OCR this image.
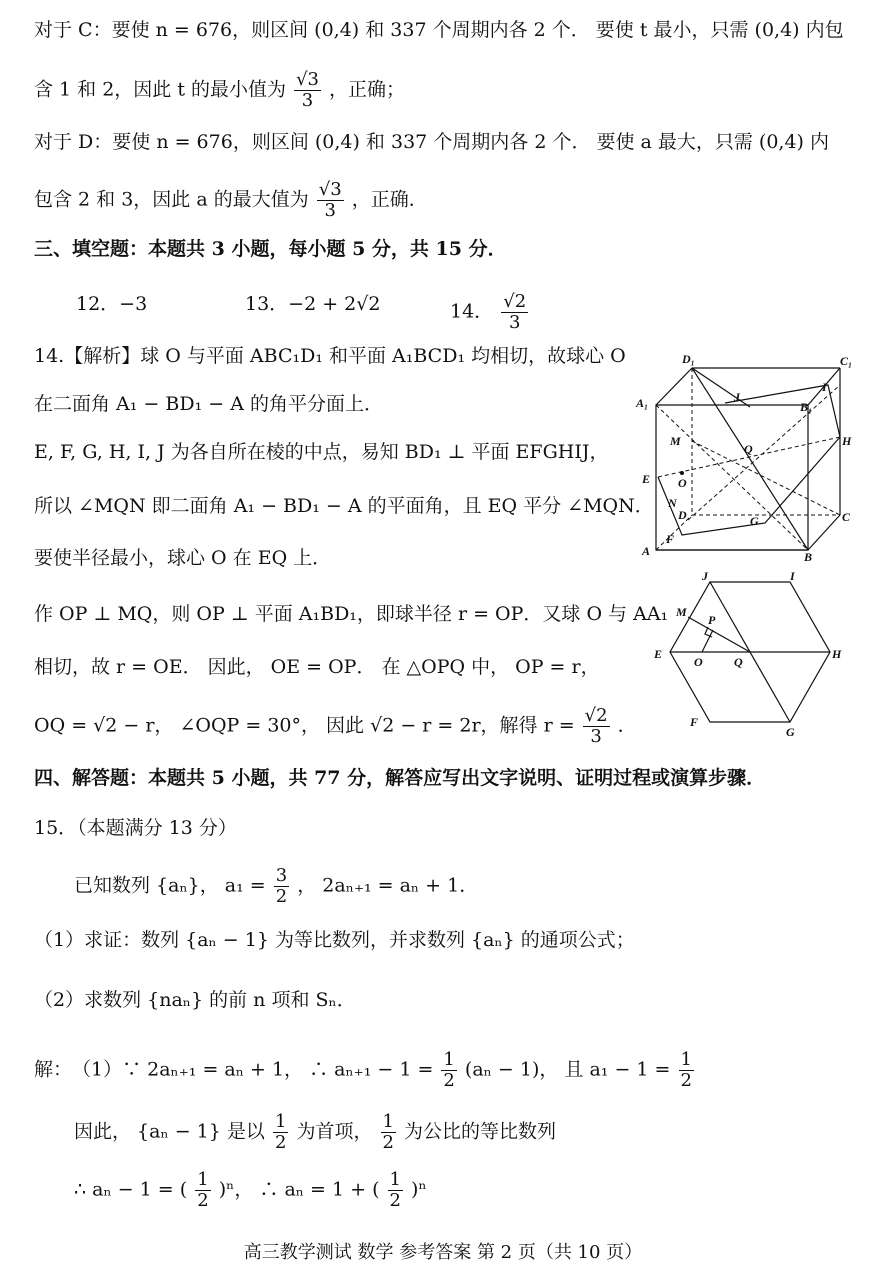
对于 C：要使 n = 676，则区间 (0,4) 和 337 个周期内各 2 个． 要使 t 最小，只需 (0,4) 内包
含 1 和 2，因此 t 的最小值为 $\frac{√3}{3}$ ，正确；
对于 D：要使 n = 676，则区间 (0,4) 和 337 个周期内各 2 个． 要使 a 最大，只需 (0,4) 内
包含 2 和 3，因此 a 的最大值为 $\frac{√3}{3}$ ，正确．
三、填空题：本题共 3 小题，每小题 5 分，共 15 分．
12．−3	13．−2 + 2√2	14． $\frac{√2}{3}$
14.【解析】球 O 与平面 ABC₁D₁ 和平面 A₁BCD₁ 均相切，故球心 O
在二面角 A₁ − BD₁ − A 的角平分面上．
E, F, G, H, I, J 为各自所在棱的中点，易知 BD₁ ⊥ 平面 EFGHIJ，
所以 ∠MQN 即二面角 A₁ − BD₁ − A 的平面角，且 EQ 平分 ∠MQN．
要使半径最小，球心 O 在 EQ 上．
作 OP ⊥ MQ，则 OP ⊥ 平面 A₁BD₁，即球半径 r = OP．又球 O 与 AA₁
相切，故 r = OE． 因此， OE = OP． 在 △OPQ 中， OP = r，
OQ = √2 − r， ∠OQP = 30°， 因此 √2 − r = 2r，解得 $r = \frac{√2}{3}$ ．
四、解答题：本题共 5 小题，共 77 分，解答应写出文字说明、证明过程或演算步骤．
15．（本题满分 13 分）
已知数列 {aₙ}， $a_1 = \frac{3}{2}$ ， 2aₙ₊₁ = aₙ + 1．
（1）求证：数列 {aₙ − 1} 为等比数列，并求数列 {aₙ} 的通项公式；
（2）求数列 {naₙ} 的前 n 项和 Sₙ．
解：　（1）∵ 2aₙ₊₁ = aₙ + 1， ∴ $a_{n+1} - 1 = \frac{1}{2} (a_n - 1)$， 且 $a_1 - 1 = \frac{1}{2}$
因此， {aₙ − 1} 是以 $\frac{1}{2}$ 为首项， $\frac{1}{2}$ 为公比的等比数列
∴ aₙ − 1 = ( $\frac{1}{2} )^n$， ∴ aₙ = 1 + ( $\frac{1}{2} )^n$
D₁	C₁
A₁	B₁
J
I
M
Q
H
E O
N
D	G	C
F
A	B
J	I
M
P
E
O	Q
H
F
G
高三教学测试 数学 参考答案 第 2 页（共 10 页）
